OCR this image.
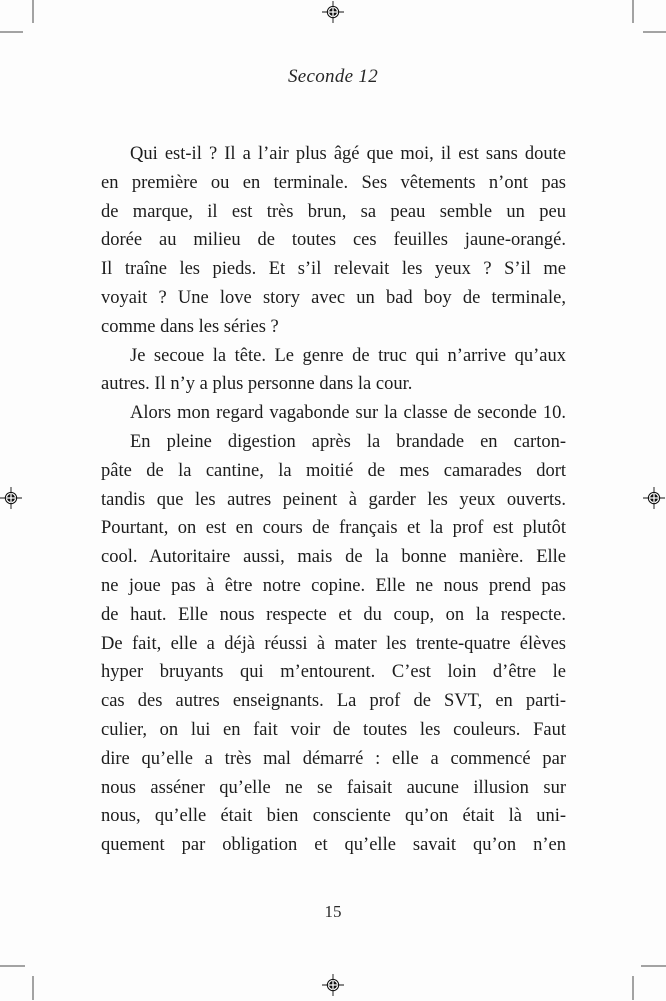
Seconde 12
Qui est-il ? Il a l’air plus âgé que moi, il est sans doute
en première ou en terminale. Ses vêtements n’ont pas
de marque, il est très brun, sa peau semble un peu
dorée au milieu de toutes ces feuilles jaune-orangé.
Il traîne les pieds. Et s’il relevait les yeux ? S’il me
voyait ? Une love story avec un bad boy de terminale,
comme dans les séries ?
Je secoue la tête. Le genre de truc qui n’arrive qu’aux
autres. Il n’y a plus personne dans la cour.
Alors mon regard vagabonde sur la classe de seconde 10.
En pleine digestion après la brandade en carton-
pâte de la cantine, la moitié de mes camarades dort
tandis que les autres peinent à garder les yeux ouverts.
Pourtant, on est en cours de français et la prof est plutôt
cool. Autoritaire aussi, mais de la bonne manière. Elle
ne joue pas à être notre copine. Elle ne nous prend pas
de haut. Elle nous respecte et du coup, on la respecte.
De fait, elle a déjà réussi à mater les trente-quatre élèves
hyper bruyants qui m’entourent. C’est loin d’être le
cas des autres enseignants. La prof de SVT, en parti-
culier, on lui en fait voir de toutes les couleurs. Faut
dire qu’elle a très mal démarré : elle a commencé par
nous asséner qu’elle ne se faisait aucune illusion sur
nous, qu’elle était bien consciente qu’on était là uni-
quement par obligation et qu’elle savait qu’on n’en
15
